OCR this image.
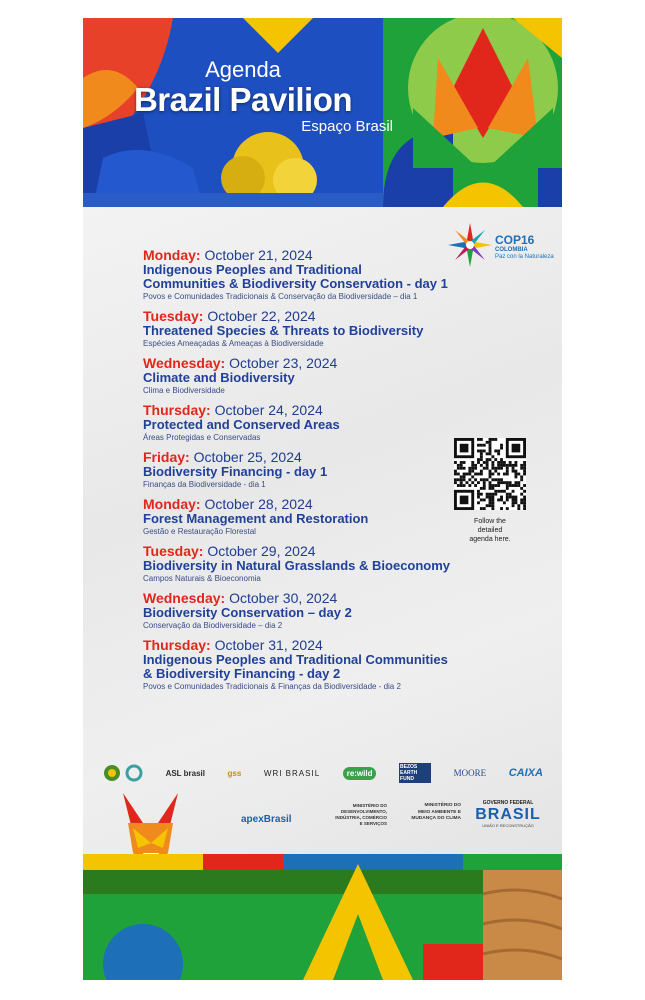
Agenda
Brazil Pavilion
Espaço Brasil
COP16
COLOMBIA
Paz con la Naturaleza
Monday: October 21, 2024
Indigenous Peoples and Traditional
Communities & Biodiversity Conservation - day 1
Povos e Comunidades Tradicionais & Conservação da Biodiversidade – dia 1
Tuesday: October 22, 2024
Threatened Species & Threats to Biodiversity
Espécies Ameaçadas & Ameaças à Biodiversidade
Wednesday: October 23, 2024
Climate and Biodiversity
Clima e Biodiversidade
Thursday: October 24, 2024
Protected and Conserved Areas
Áreas Protegidas e Conservadas
Friday: October 25, 2024
Biodiversity Financing - day 1
Finanças da Biodiversidade - dia 1
Monday: October 28, 2024
Forest Management and Restoration
Gestão e Restauração Florestal
Tuesday: October 29, 2024
Biodiversity in Natural Grasslands & Bioeconomy
Campos Naturais & Bioeconomia
Wednesday: October 30, 2024
Biodiversity Conservation – day 2
Conservação da Biodiversidade – dia 2
Thursday: October 31, 2024
Indigenous Peoples and Traditional Communities
& Biodiversity Financing - day 2
Povos e Comunidades Tradicionais & Finanças da Biodiversidade - dia 2
Follow the
detailed
agenda here.
ASL brasil	gss	WRI BRASIL	re:wild
BEZOS EARTH FUND
MOORE CAIXA
apexBrasil
MINISTÉRIO DO
DESENVOLVIMENTO,
INDÚSTRIA, COMÉRCIO
E SERVIÇOS
MINISTÉRIO DO
MEIO AMBIENTE E
MUDANÇA DO CLIMA
GOVERNO FEDERAL
BRASIL
UNIÃO E RECONSTRUÇÃO
